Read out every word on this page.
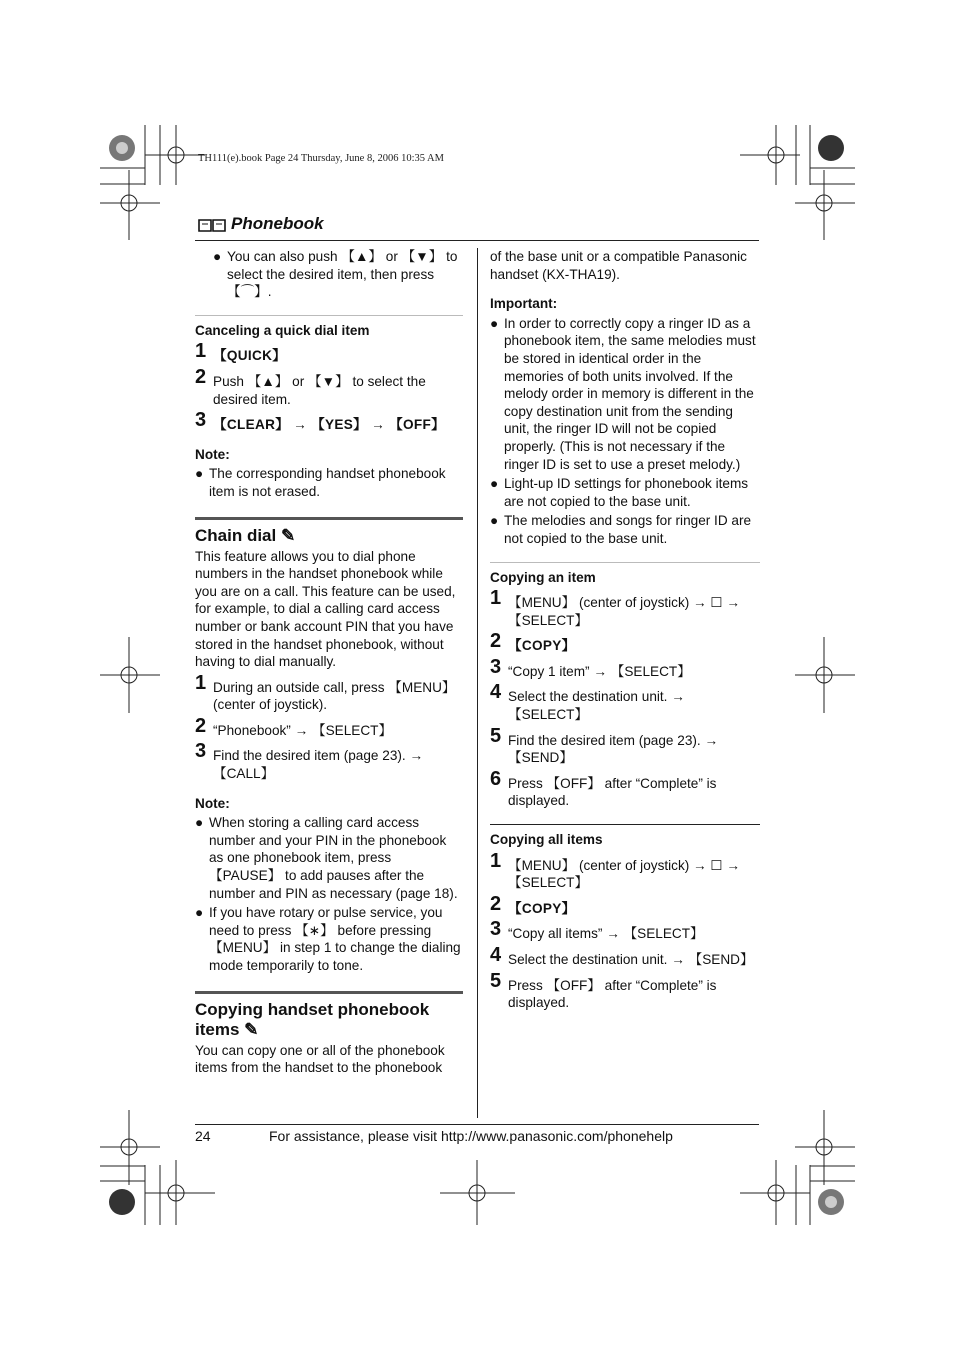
TH111(e).book Page 24 Thursday, June 8, 2006 10:35 AM
Phonebook
● You can also push 【▲】 or 【▼】 to select the desired item, then press 【⌒】.
Canceling a quick dial item
1 【QUICK】
2 Push 【▲】 or 【▼】 to select the desired item.
3 【CLEAR】 → 【YES】 → 【OFF】
Note:
● The corresponding handset phonebook item is not erased.
Chain dial ✎

This feature allows you to dial phone numbers in the handset phonebook while you are on a call. This feature can be used, for example, to dial a calling card access number or bank account PIN that you have stored in the handset phonebook, without having to dial manually.

1 During an outside call, press 【MENU】 (center of joystick).
2 “Phonebook” → 【SELECT】
3 Find the desired item (page 23). → 【CALL】
Note:
● When storing a calling card access number and your PIN in the phonebook as one phonebook item, press 【PAUSE】 to add pauses after the number and PIN as necessary (page 18).
● If you have rotary or pulse service, you need to press 【∗】 before pressing 【MENU】 in step 1 to change the dialing mode temporarily to tone.
Copying handset phonebook items ✎

You can copy one or all of the phonebook items from the handset to the phonebook

of the base unit or a compatible Panasonic handset (KX-THA19).

Important:
● In order to correctly copy a ringer ID as a phonebook item, the same melodies must be stored in identical order in the memories of both units involved. If the melody order in memory is different in the copy destination unit from the sending unit, the ringer ID will not be copied properly. (This is not necessary if the ringer ID is set to use a preset melody.)
● Light-up ID settings for phonebook items are not copied to the base unit.
● The melodies and songs for ringer ID are not copied to the base unit.
Copying an item
1 【MENU】 (center of joystick) → ☐ → 【SELECT】
2 【COPY】
3 “Copy 1 item” → 【SELECT】
4 Select the destination unit. → 【SELECT】
5 Find the desired item (page 23). → 【SEND】
6 Press 【OFF】 after “Complete” is displayed.
Copying all items
1 【MENU】 (center of joystick) → ☐ → 【SELECT】
2 【COPY】
3 “Copy all items” → 【SELECT】
4 Select the destination unit. → 【SEND】
5 Press 【OFF】 after “Complete” is displayed.
24	For assistance, please visit http://www.panasonic.com/phonehelp
